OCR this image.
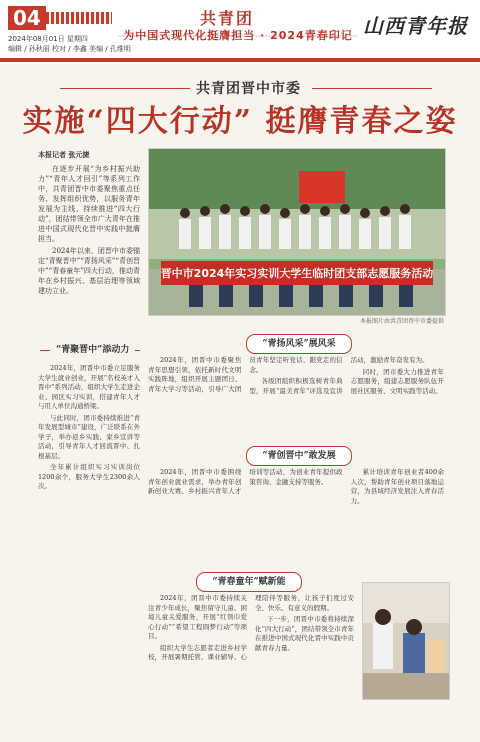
04
2024年08月01日 星期四
编辑 / 孙秋丽 校对 / 李鑫 美编 / 孔维明
共青团
为中国式现代化挺膺担当 · 2024青春印记 山西青年报
共青团晋中市委
实施“四大行动” 挺膺青春之姿
本报记者 张元捷

在逐步开展“为乡村振兴助力”“青年人才回引”等系列工作中，共青团晋中市委聚焦重点任务、发挥组织优势，以服务青年发展为主线，持续推进“四大行动”，团结带领全市广大青年在推进中国式现代化晋中实践中挺膺担当。

2024年以来，团晋中市委锚定“青聚晋中”“青扬风采”“青创晋中”“青春童年”四大行动，推动青年在乡村振兴、基层治理等领域建功立业。

晋中市2024年实习实训大学生临时团支部志愿服务活动
本报图片由共青团晋中市委提供
“青聚晋中”添动力

2024年，团晋中市委立足服务大学生就业创业，开展“名校英才入晋中”系列活动，组织大学生走进企业、园区实习实训，搭建青年人才与用人单位沟通桥梁。

与此同时，团市委持续推进“青年发展型城市”建设，广泛联系在外学子，举办返乡实践、家乡宣讲等活动，引导青年人才回流晋中、扎根基层。

全年累计组织实习实训岗位1200余个，服务大学生2300余人次。

“青扬风采”展风采

2024年，团晋中市委聚焦青年思想引领，依托新时代文明实践阵地，组织开展主题团日、青年大学习等活动，引导广大团员青年坚定听党话、跟党走的信念。

各级团组织积极选树青年典型，开展“最美青年”评选及宣讲活动，激励青年奋发有为。

同时，团市委大力推进青年志愿服务，组建志愿服务队伍开展社区服务、文明实践等活动。

“青创晋中”敢发展

2024年，团晋中市委围绕青年创业就业需求，举办青年创新创业大赛、乡村振兴青年人才培训等活动，为创业青年提供政策咨询、金融支持等服务。

累计培训青年创业者400余人次，帮助青年创业项目落地运营，为县域经济发展注入青春活力。

“青春童年”赋新能

2024年，团晋中市委持续关注青少年成长，聚焦留守儿童、困境儿童关爱服务，开展“红领巾爱心行动”“希望工程圆梦行动”等项目。

组织大学生志愿者走进乡村学校，开展暑期托管、课业辅导、心理陪伴等服务，让孩子们度过安全、快乐、有意义的假期。

下一步，团晋中市委将持续深化“四大行动”，团结带领全市青年在推进中国式现代化晋中实践中贡献青春力量。
